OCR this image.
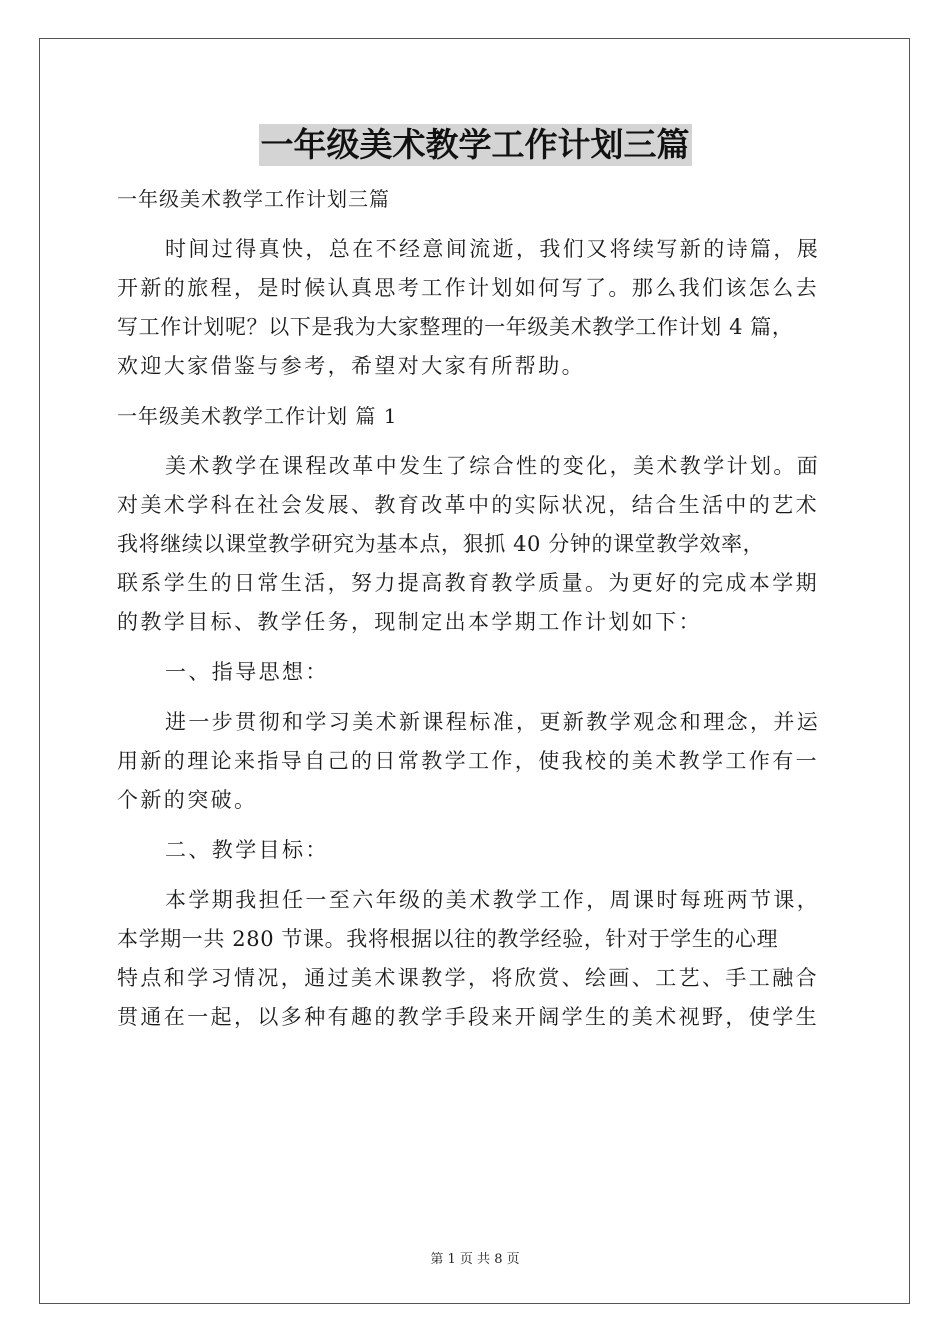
一年级美术教学工作计划三篇
一年级美术教学工作计划三篇
时间过得真快，总在不经意间流逝，我们又将续写新的诗篇，展
开新的旅程，是时候认真思考工作计划如何写了。那么我们该怎么去
写工作计划呢？以下是我为大家整理的一年级美术教学工作计划 4 篇，
欢迎大家借鉴与参考，希望对大家有所帮助。
一年级美术教学工作计划 篇 1
美术教学在课程改革中发生了综合性的变化，美术教学计划。面
对美术学科在社会发展、教育改革中的实际状况，结合生活中的艺术
我将继续以课堂教学研究为基本点，狠抓 40 分钟的课堂教学效率，
联系学生的日常生活，努力提高教育教学质量。为更好的完成本学期
的教学目标、教学任务，现制定出本学期工作计划如下：
一、指导思想：
进一步贯彻和学习美术新课程标准，更新教学观念和理念，并运
用新的理论来指导自己的日常教学工作，使我校的美术教学工作有一
个新的突破。
二、教学目标：
本学期我担任一至六年级的美术教学工作，周课时每班两节课，
本学期一共 280 节课。我将根据以往的教学经验，针对于学生的心理
特点和学习情况，通过美术课教学，将欣赏、绘画、工艺、手工融合
贯通在一起，以多种有趣的教学手段来开阔学生的美术视野，使学生
第 1 页 共 8 页
